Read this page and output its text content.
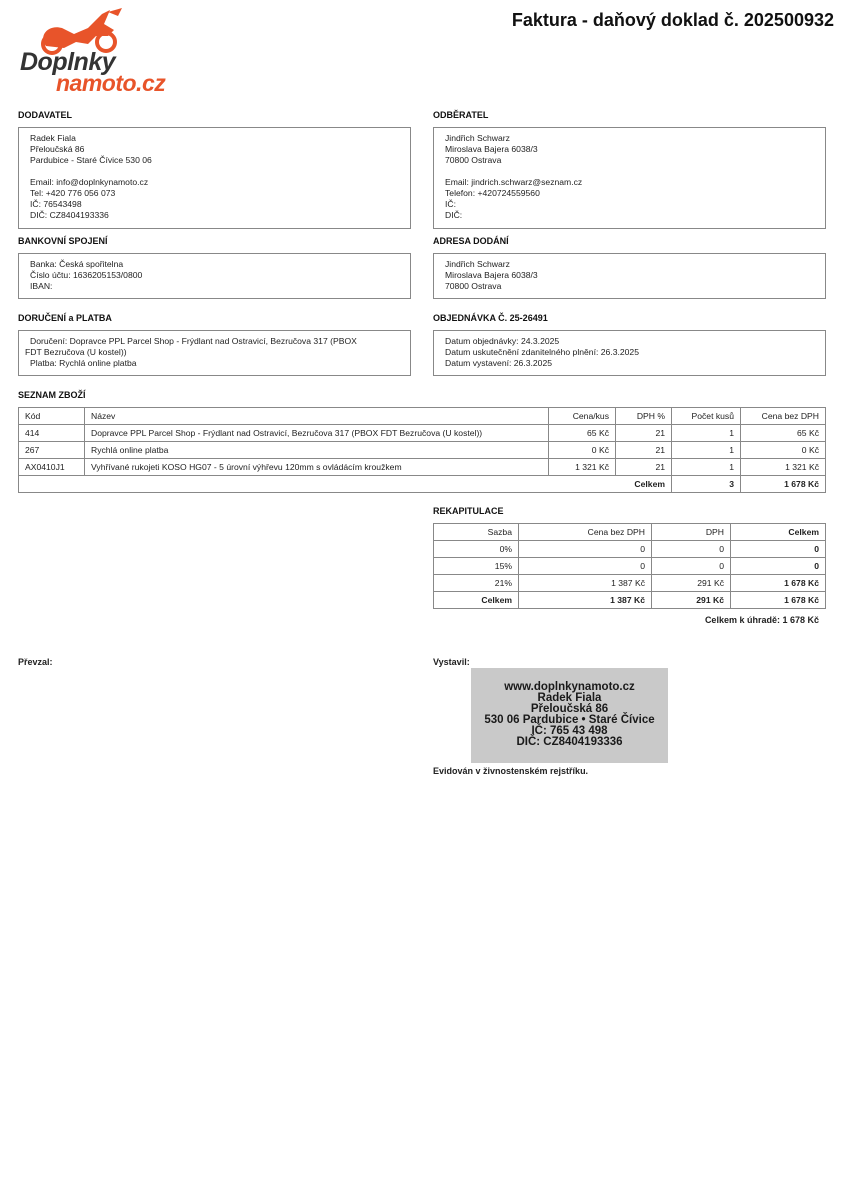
Doplnky
namoto.cz
Faktura - daňový doklad č. 202500932
DODAVATEL
Radek Fiala
Přeloučská 86
Pardubice - Staré Čívice 530 06
Email: info@doplnkynamoto.cz
Tel: +420 776 056 073
IČ: 76543498
DIČ: CZ8404193336
ODBĚRATEL
Jindřich Schwarz
Miroslava Bajera 6038/3
70800 Ostrava
Email: jindrich.schwarz@seznam.cz
Telefon: +420724559560
IČ:
DIČ:
BANKOVNÍ SPOJENÍ
Banka: Česká spořitelna
Číslo účtu: 1636205153/0800
IBAN:
ADRESA DODÁNÍ
Jindřich Schwarz
Miroslava Bajera 6038/3
70800 Ostrava
DORUČENÍ a PLATBA
Doručení: Dopravce PPL Parcel Shop - Frýdlant nad Ostravicí, Bezručova 317 (PBOX
FDT Bezručova (U kostel))
Platba: Rychlá online platba
OBJEDNÁVKA Č. 25-26491
Datum objednávky: 24.3.2025
Datum uskutečnění zdanitelného plnění: 26.3.2025
Datum vystavení: 26.3.2025
SEZNAM ZBOŽÍ
Kód	Název	Cena/kus	DPH %	Počet kusů	Cena bez DPH
414	Dopravce PPL Parcel Shop - Frýdlant nad Ostravicí, Bezručova 317 (PBOX FDT Bezručova (U kostel))	65 Kč	21	1	65 Kč
267	Rychlá online platba	0 Kč	21	1	0 Kč
AX0410J1	Vyhřívané rukojeti KOSO HG07 - 5 úrovní výhřevu 120mm s ovládácím kroužkem	1 321 Kč	21	1	1 321 Kč
Celkem				3	1 678 Kč
REKAPITULACE
Sazba	Cena bez DPH	DPH	Celkem
0%	0	0	0
15%	0	0	0
21%	1 387 Kč	291 Kč	1 678 Kč
Celkem	1 387 Kč	291 Kč	1 678 Kč
Celkem k úhradě: 1 678 Kč
Převzal:	Vystavil:
www.doplnkynamoto.cz
Radek Fiala
Přeloučská 86
530 06 Pardubice • Staré Čívice
IČ: 765 43 498
DIČ: CZ8404193336
Evidován v živnostenském rejstříku.
